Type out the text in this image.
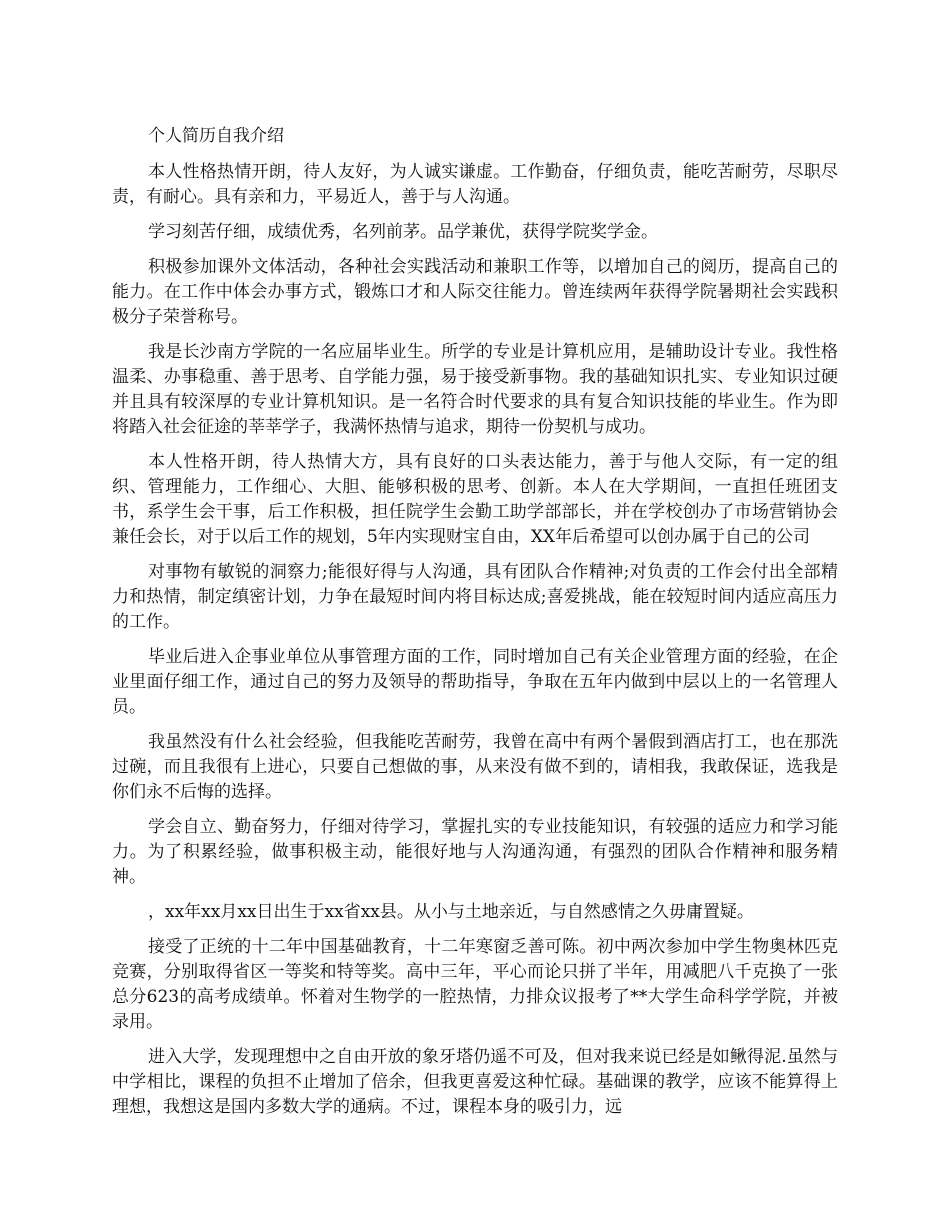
个人简历自我介绍

本人性格热情开朗，待人友好，为人诚实谦虚。工作勤奋，仔细负责，能吃苦耐劳，尽职尽责，有耐心。具有亲和力，平易近人，善于与人沟通。

学习刻苦仔细，成绩优秀，名列前茅。品学兼优，获得学院奖学金。

积极参加课外文体活动，各种社会实践活动和兼职工作等，以增加自己的阅历，提高自己的能力。在工作中体会办事方式，锻炼口才和人际交往能力。曾连续两年获得学院暑期社会实践积极分子荣誉称号。

我是长沙南方学院的一名应届毕业生。所学的专业是计算机应用，是辅助设计专业。我性格温柔、办事稳重、善于思考、自学能力强，易于接受新事物。我的基础知识扎实、专业知识过硬并且具有较深厚的专业计算机知识。是一名符合时代要求的具有复合知识技能的毕业生。作为即将踏入社会征途的莘莘学子，我满怀热情与追求，期待一份契机与成功。

本人性格开朗，待人热情大方，具有良好的口头表达能力，善于与他人交际，有一定的组织、管理能力，工作细心、大胆、能够积极的思考、创新。本人在大学期间，一直担任班团支书，系学生会干事，后工作积极，担任院学生会勤工助学部部长，并在学校创办了市场营销协会兼任会长，对于以后工作的规划，5年内实现财宝自由，XX年后希望可以创办属于自己的公司

对事物有敏锐的洞察力;能很好得与人沟通，具有团队合作精神;对负责的工作会付出全部精力和热情，制定缜密计划，力争在最短时间内将目标达成;喜爱挑战，能在较短时间内适应高压力的工作。

毕业后进入企事业单位从事管理方面的工作，同时增加自己有关企业管理方面的经验，在企业里面仔细工作，通过自己的努力及领导的帮助指导，争取在五年内做到中层以上的一名管理人员。

我虽然没有什么社会经验，但我能吃苦耐劳，我曾在高中有两个暑假到酒店打工，也在那洗过碗，而且我很有上进心，只要自己想做的事，从来没有做不到的，请相我，我敢保证，选我是你们永不后悔的选择。

学会自立、勤奋努力，仔细对待学习，掌握扎实的专业技能知识，有较强的适应力和学习能力。为了积累经验，做事积极主动，能很好地与人沟通沟通，有强烈的团队合作精神和服务精神。

，xx年xx月xx日出生于xx省xx县。从小与土地亲近，与自然感情之久毋庸置疑。

接受了正统的十二年中国基础教育，十二年寒窗乏善可陈。初中两次参加中学生物奥林匹克竞赛，分别取得省区一等奖和特等奖。高中三年，平心而论只拼了半年，用减肥八千克换了一张总分623的高考成绩单。怀着对生物学的一腔热情，力排众议报考了**大学生命科学学院，并被录用。

进入大学，发现理想中之自由开放的象牙塔仍遥不可及，但对我来说已经是如鳅得泥.虽然与中学相比，课程的负担不止增加了倍余，但我更喜爱这种忙碌。基础课的教学，应该不能算得上理想，我想这是国内多数大学的通病。不过，课程本身的吸引力，远
